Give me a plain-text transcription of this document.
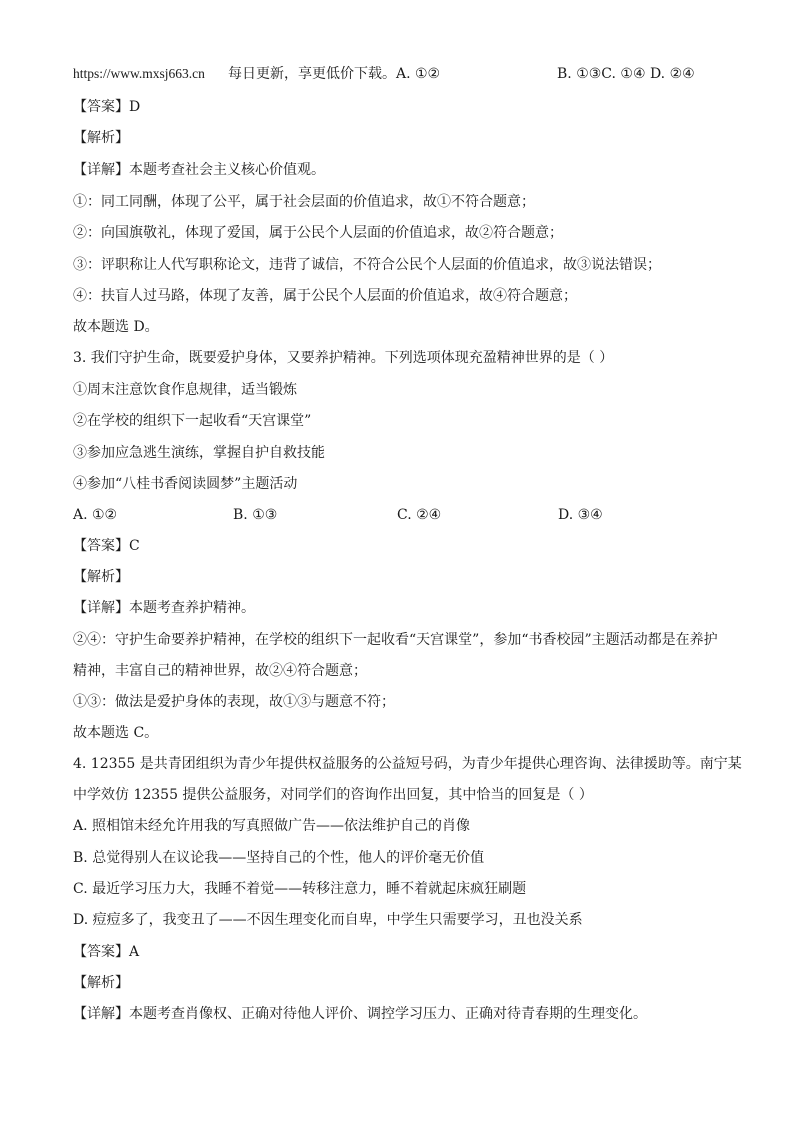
https://www.mxsj663.cn 每日更新，享更低价下载。A. ①②	B. ①③C. ①④ D. ②④
【答案】D
【解析】
【详解】本题考查社会主义核心价值观。
①：同工同酬，体现了公平，属于社会层面的价值追求，故①不符合题意；
②：向国旗敬礼，体现了爱国，属于公民个人层面的价值追求，故②符合题意；
③：评职称让人代写职称论文，违背了诚信，不符合公民个人层面的价值追求，故③说法错误；
④：扶盲人过马路，体现了友善，属于公民个人层面的价值追求，故④符合题意；
故本题选 D。
3. 我们守护生命，既要爱护身体，又要养护精神。下列选项体现充盈精神世界的是（ ）
①周末注意饮食作息规律，适当锻炼
②在学校的组织下一起收看“天宫课堂”
③参加应急逃生演练，掌握自护自救技能
④参加“八桂书香阅读圆梦”主题活动
A. ①②	B. ①③	C. ②④	D. ③④
【答案】C
【解析】
【详解】本题考查养护精神。
②④：守护生命要养护精神，在学校的组织下一起收看“天宫课堂”，参加“书香校园”主题活动都是在养护
精神，丰富自己的精神世界，故②④符合题意；
①③：做法是爱护身体的表现，故①③与题意不符；
故本题选 C。
4. 12355 是共青团组织为青少年提供权益服务的公益短号码，为青少年提供心理咨询、法律援助等。南宁某
中学效仿 12355 提供公益服务，对同学们的咨询作出回复，其中恰当的回复是（ ）
A. 照相馆未经允许用我的写真照做广告——依法维护自己的肖像
B. 总觉得别人在议论我——坚持自己的个性，他人的评价毫无价值
C. 最近学习压力大，我睡不着觉——转移注意力，睡不着就起床疯狂刷题
D. 痘痘多了，我变丑了——不因生理变化而自卑，中学生只需要学习，丑也没关系
【答案】A
【解析】
【详解】本题考查肖像权、正确对待他人评价、调控学习压力、正确对待青春期的生理变化。
